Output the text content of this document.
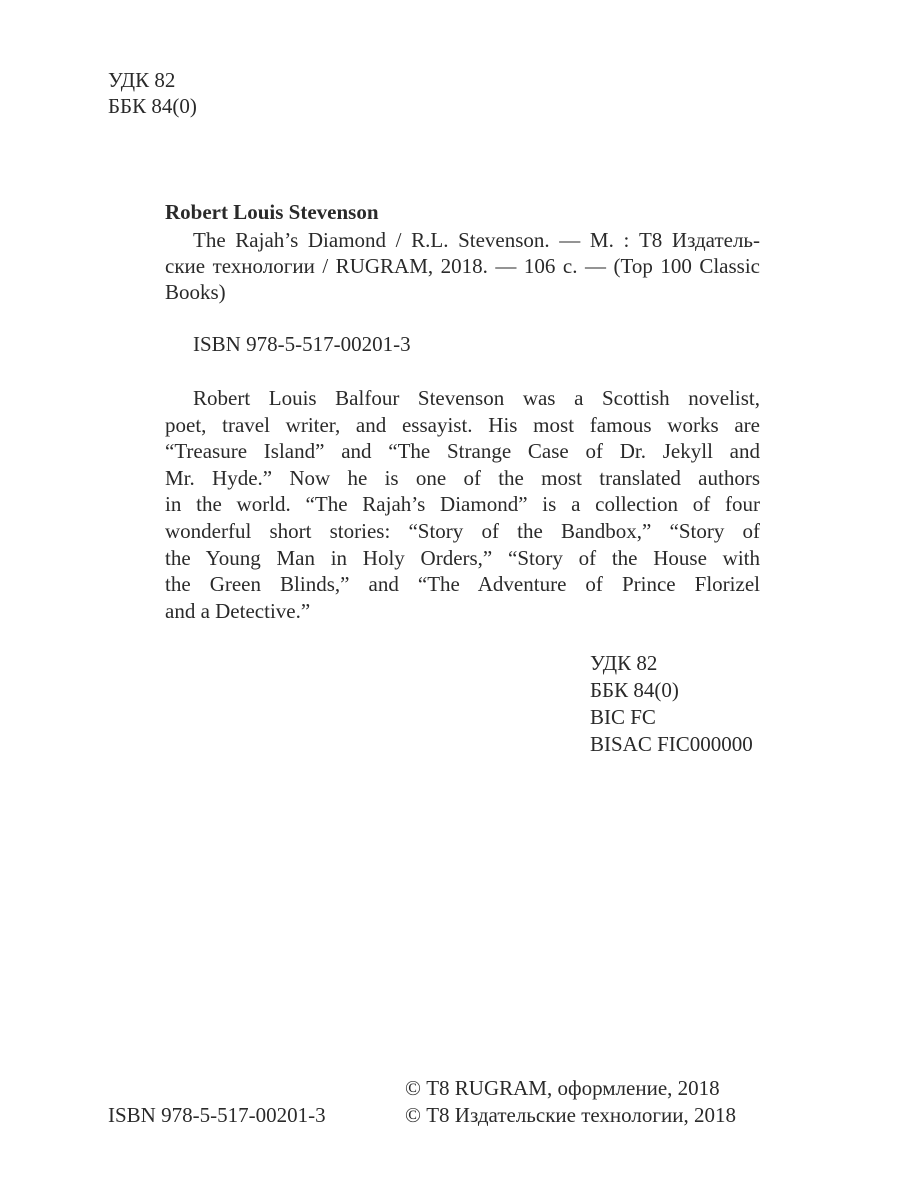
УДК 82
ББК 84(0)
Robert Louis Stevenson
The Rajah’s Diamond / R.L. Stevenson. — М. : Т8 Издатель-
ские технологии / RUGRAM, 2018. — 106 с. — (Top 100 Classic
Books)
ISBN 978-5-517-00201-3
Robert Louis Balfour Stevenson was a Scottish novelist,
poet, travel writer, and essayist. His most famous works are
“Treasure Island” and “The Strange Case of Dr. Jekyll and
Mr. Hyde.” Now he is one of the most translated authors
in the world. “The Rajah’s Diamond” is a collection of four
wonderful short stories: “Story of the Bandbox,” “Story of
the Young Man in Holy Orders,” “Story of the House with
the Green Blinds,” and “The Adventure of Prince Florizel
and a Detective.”
УДК 82
ББК 84(0)
BIC FC
BISAC FIC000000
© Т8 RUGRAM, оформление, 2018
ISBN 978-5-517-00201-3	© Т8 Издательские технологии, 2018
